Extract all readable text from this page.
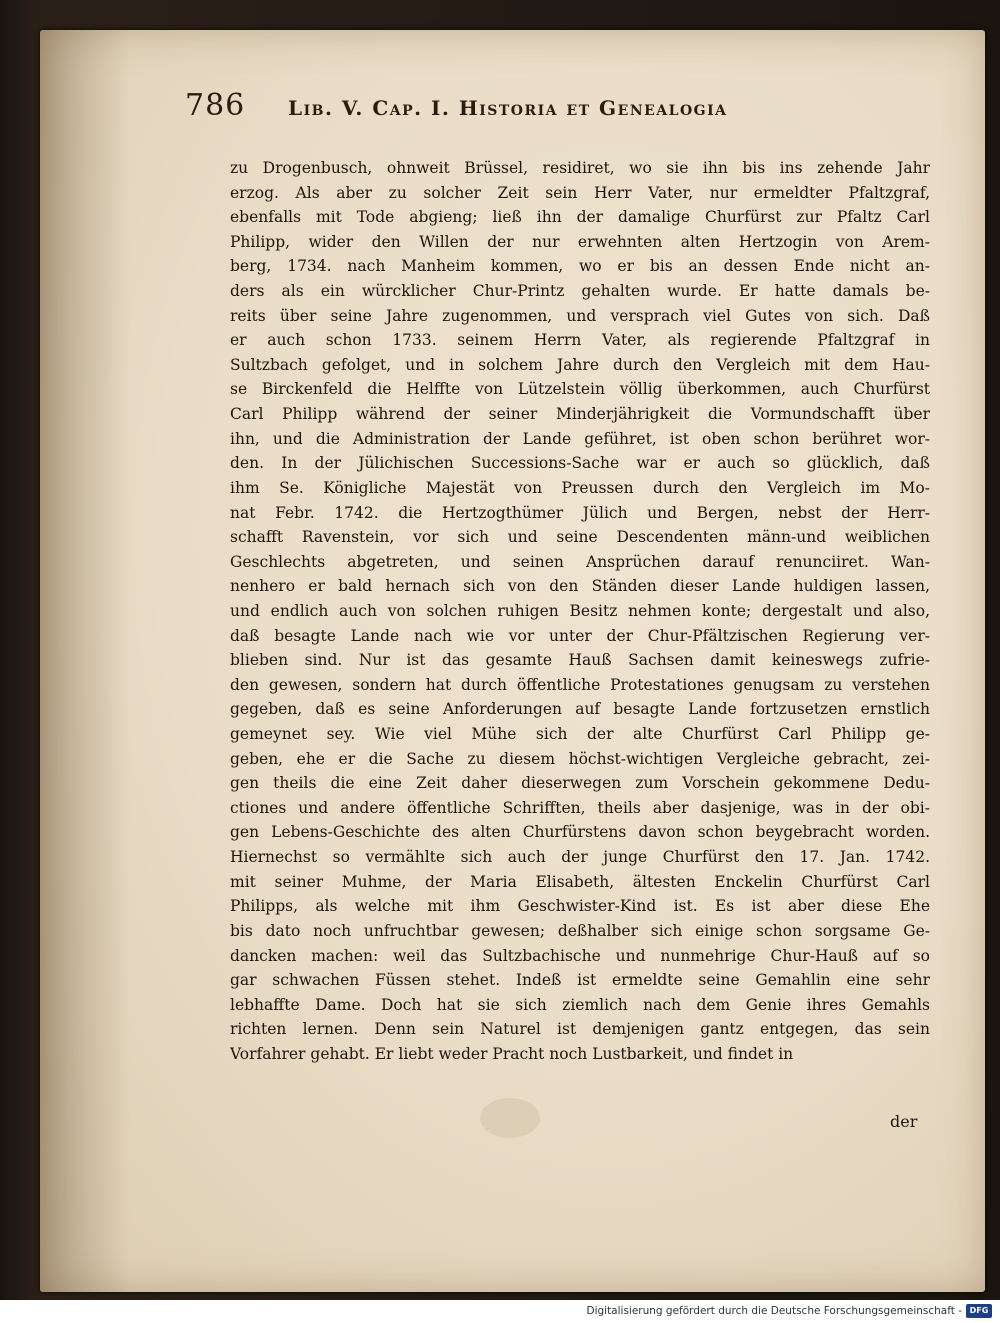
786 Lib. V. Cap. I. Historia et Genealogia
zu Drogenbusch, ohnweit Brüssel, residiret, wo sie ihn bis ins zehende Jahr
erzog. Als aber zu solcher Zeit sein Herr Vater, nur ermeldter Pfaltzgraf,
ebenfalls mit Tode abgieng; ließ ihn der damalige Churfürst zur Pfaltz Carl
Philipp, wider den Willen der nur erwehnten alten Hertzogin von Arem-
berg, 1734. nach Manheim kommen, wo er bis an dessen Ende nicht an-
ders als ein würcklicher Chur-Printz gehalten wurde. Er hatte damals be-
reits über seine Jahre zugenommen, und versprach viel Gutes von sich. Daß
er auch schon 1733. seinem Herrn Vater, als regierende Pfaltzgraf in
Sultzbach gefolget, und in solchem Jahre durch den Vergleich mit dem Hau-
se Birckenfeld die Helffte von Lützelstein völlig überkommen, auch Churfürst
Carl Philipp während der seiner Minderjährigkeit die Vormundschafft über
ihn, und die Administration der Lande geführet, ist oben schon berühret wor-
den. In der Jülichischen Successions-Sache war er auch so glücklich, daß
ihm Se. Königliche Majestät von Preussen durch den Vergleich im Mo-
nat Febr. 1742. die Hertzogthümer Jülich und Bergen, nebst der Herr-
schafft Ravenstein, vor sich und seine Descendenten männ-und weiblichen
Geschlechts abgetreten, und seinen Ansprüchen darauf renunciiret. Wan-
nenhero er bald hernach sich von den Ständen dieser Lande huldigen lassen,
und endlich auch von solchen ruhigen Besitz nehmen konte; dergestalt und also,
daß besagte Lande nach wie vor unter der Chur-Pfältzischen Regierung ver-
blieben sind. Nur ist das gesamte Hauß Sachsen damit keineswegs zufrie-
den gewesen, sondern hat durch öffentliche Protestationes genugsam zu verstehen
gegeben, daß es seine Anforderungen auf besagte Lande fortzusetzen ernstlich
gemeynet sey. Wie viel Mühe sich der alte Churfürst Carl Philipp ge-
geben, ehe er die Sache zu diesem höchst-wichtigen Vergleiche gebracht, zei-
gen theils die eine Zeit daher dieserwegen zum Vorschein gekommene Dedu-
ctiones und andere öffentliche Schrifften, theils aber dasjenige, was in der obi-
gen Lebens-Geschichte des alten Churfürstens davon schon beygebracht worden.
Hiernechst so vermählte sich auch der junge Churfürst den 17. Jan. 1742.
mit seiner Muhme, der Maria Elisabeth, ältesten Enckelin Churfürst Carl
Philipps, als welche mit ihm Geschwister-Kind ist. Es ist aber diese Ehe
bis dato noch unfruchtbar gewesen; deßhalber sich einige schon sorgsame Ge-
dancken machen: weil das Sultzbachische und nunmehrige Chur-Hauß auf so
gar schwachen Füssen stehet. Indeß ist ermeldte seine Gemahlin eine sehr
lebhaffte Dame. Doch hat sie sich ziemlich nach dem Genie ihres Gemahls
richten lernen. Denn sein Naturel ist demjenigen gantz entgegen, das sein
Vorfahrer gehabt. Er liebt weder Pracht noch Lustbarkeit, und findet in
der
Digitalisierung gefördert durch die Deutsche Forschungsgemeinschaft - DFG
